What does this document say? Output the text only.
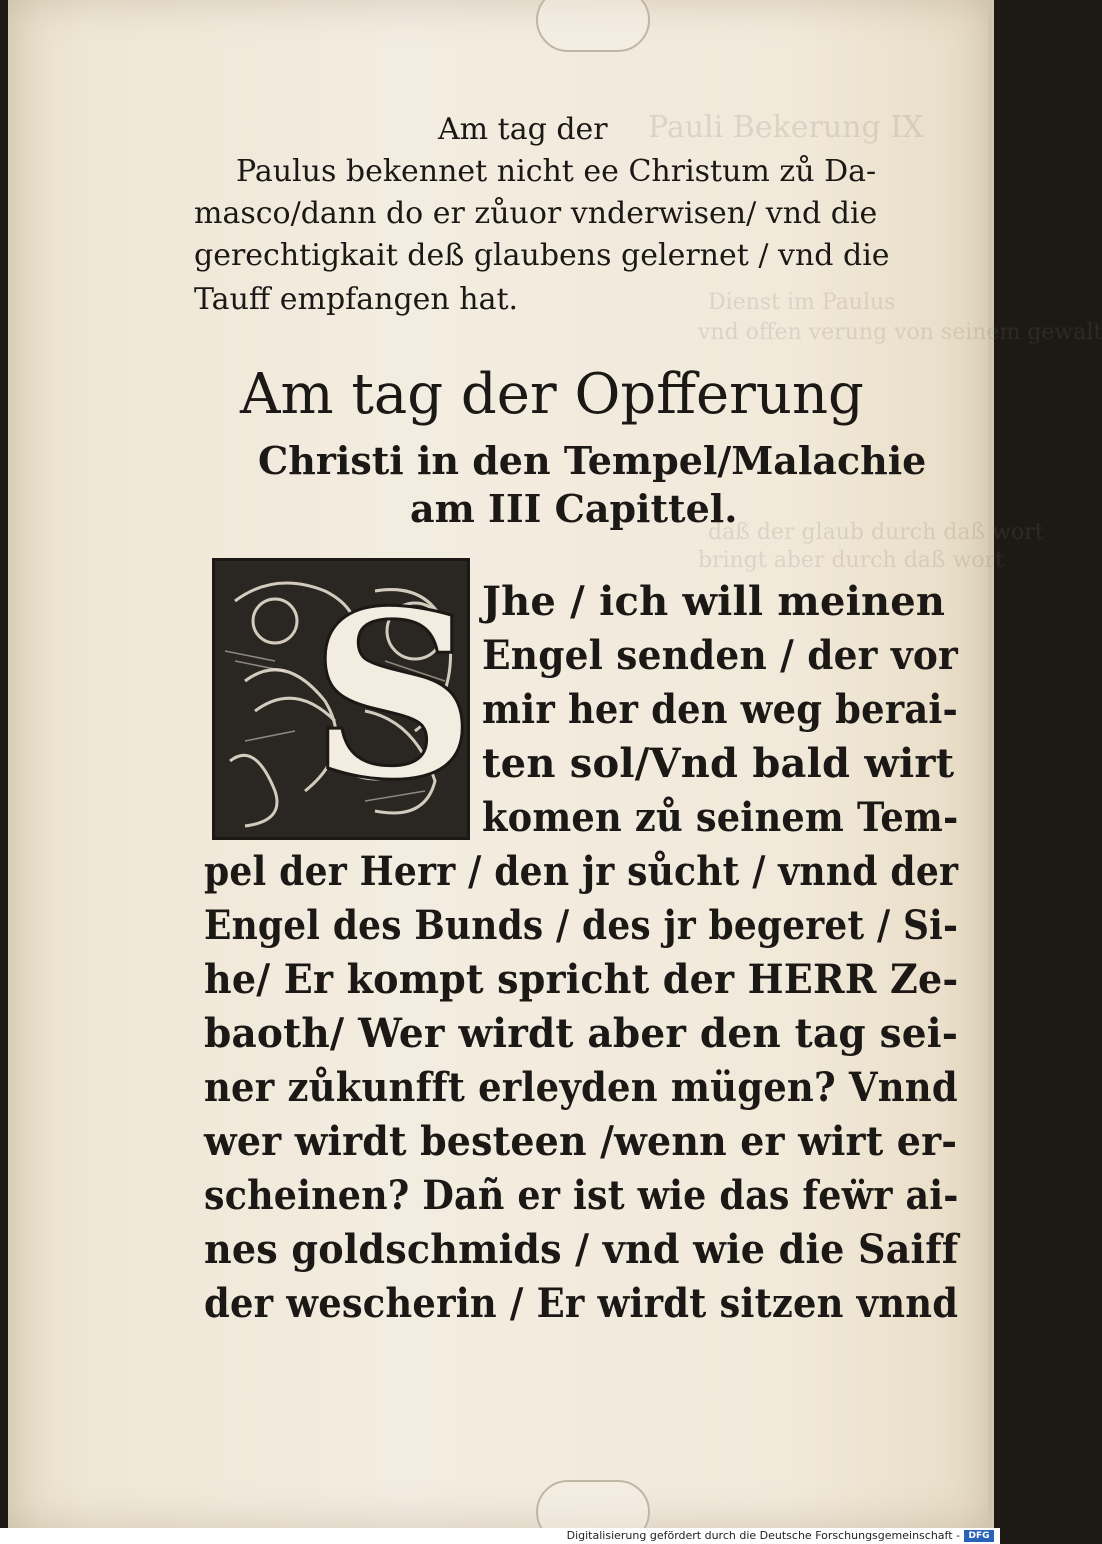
Pauli Bekerung IX
Dienst im Paulus
vnd offen verung von seinem gewalt
daß der glaub durch daß wort
bringt aber durch daß wort
Am tag der
Paulus bekennet nicht ee Christum zů Da-
masco/dann do er zůuor vnderwisen/ vnd die
gerechtigkait deß glaubens gelernet / vnd die
Tauff empfangen hat.
Am tag der Opfferung
Christi in den Tempel/Malachie
am III Capittel.
S Jhe / ich will meinen
Engel senden / der vor
mir her den weg berai-
ten sol/Vnd bald wirt
komen zů seinem Tem-
pel der Herr / den jr sůcht / vnnd der
Engel des Bunds / des jr begeret / Si-
he/ Er kompt spricht der HERR Ze-
baoth/ Wer wirdt aber den tag sei-
ner zůkunfft erleyden mügen? Vnnd
wer wirdt besteen /wenn er wirt er-
scheinen? Dañ er ist wie das feẅr ai-
nes goldschmids / vnd wie die Saiff
der wescherin / Er wirdt sitzen vnnd
Digitalisierung gefördert durch die Deutsche Forschungsgemeinschaft - DFG
